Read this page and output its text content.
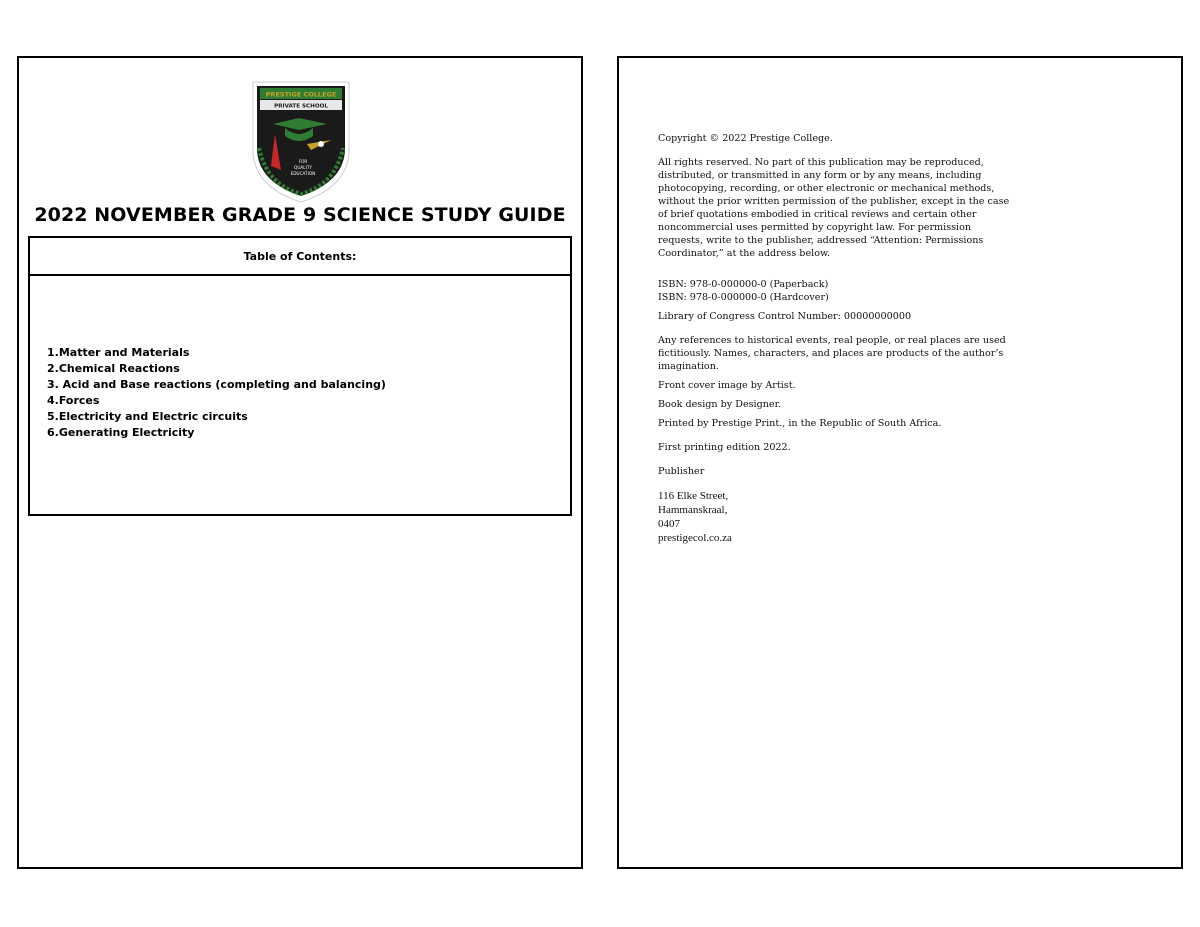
PRESTIGE COLLEGE
PRIVATE SCHOOL
FOR
QUALITY
EDUCATION
2022 NOVEMBER GRADE 9 SCIENCE STUDY GUIDE
Table of Contents:
1.Matter and Materials
2.Chemical Reactions
3. Acid and Base reactions (completing and balancing)
4.Forces
5.Electricity and Electric circuits
6.Generating Electricity

Copyright © 2022 Prestige College.

All rights reserved. No part of this publication may be reproduced, distributed, or transmitted in any form or by any means, including photocopying, recording, or other electronic or mechanical methods, without the prior written permission of the publisher, except in the case of brief quotations embodied in critical reviews and certain other noncommercial uses permitted by copyright law. For permission requests, write to the publisher, addressed “Attention: Permissions Coordinator,” at the address below.

ISBN: 978-0-000000-0 (Paperback)

ISBN: 978-0-000000-0 (Hardcover)

Library of Congress Control Number: 00000000000

Any references to historical events, real people, or real places are used fictitiously. Names, characters, and places are products of the author’s imagination.

Front cover image by Artist.

Book design by Designer.

Printed by Prestige Print., in the Republic of South Africa.

First printing edition 2022.

Publisher

116 Elke Street,
Hammanskraal,
0407
prestigecol.co.za
